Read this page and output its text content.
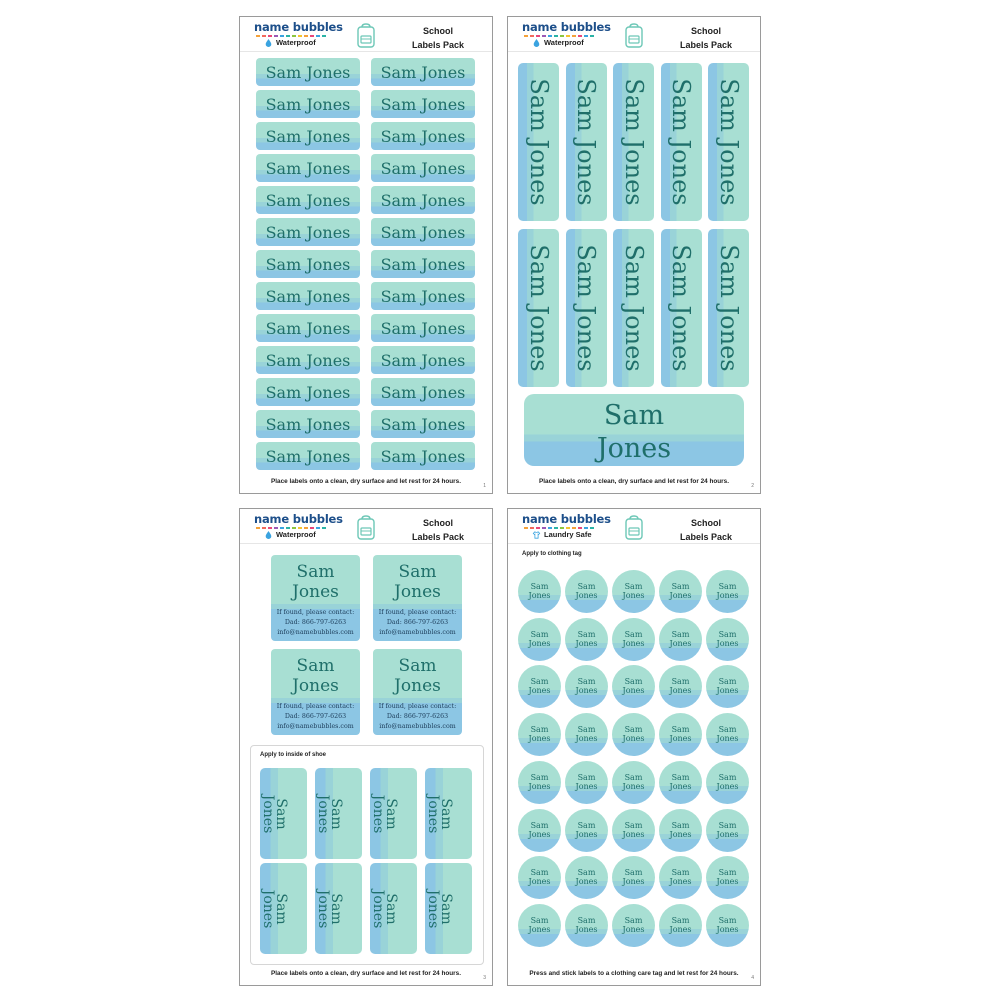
name bubbles
Waterproof
School
Labels Pack
Place labels onto a clean, dry surface and let rest for 24 hours.
1
Sam Jones Sam Jones
Sam Jones Sam Jones
Sam Jones Sam Jones
Sam Jones Sam Jones
Sam Jones Sam Jones
Sam Jones Sam Jones
Sam Jones Sam Jones
Sam Jones Sam Jones
Sam Jones Sam Jones
Sam Jones Sam Jones
Sam Jones Sam Jones
Sam Jones Sam Jones
Sam Jones Sam Jones
name bubbles
Waterproof
School
Labels Pack
Sam
Jones
Place labels onto a clean, dry surface and let rest for 24 hours.
2
Sam Jones Sam Jones Sam Jones Sam Jones Sam Jones
Sam Jones Sam Jones Sam Jones Sam Jones Sam Jones
name bubbles
Waterproof
School
Labels Pack
Apply to inside of shoe
Place labels onto a clean, dry surface and let rest for 24 hours.
3
Sam
Jones
If found, please contact:
Dad: 866-797-6263
info@namebubbles.com
Sam
Jones
If found, please contact:
Dad: 866-797-6263
info@namebubbles.com
Sam
Jones
If found, please contact:
Dad: 866-797-6263
info@namebubbles.com
Sam
Jones
If found, please contact:
Dad: 866-797-6263
info@namebubbles.com
Sam
Jones	Sam
Jones	Sam
Jones	Sam
Jones
Sam
Jones	Sam
Jones	Sam
Jones	Sam
Jones
name bubbles
Laundry Safe
School
Labels Pack
Apply to clothing tag
Press and stick labels to a clothing care tag and let rest for 24 hours.
4
Sam
Jones
Sam
Jones
Sam
Jones
Sam
Jones
Sam
Jones
Sam
Jones
Sam
Jones
Sam
Jones
Sam
Jones
Sam
Jones
Sam
Jones
Sam
Jones
Sam
Jones
Sam
Jones
Sam
Jones
Sam
Jones
Sam
Jones
Sam
Jones
Sam
Jones
Sam
Jones
Sam
Jones
Sam
Jones
Sam
Jones
Sam
Jones
Sam
Jones
Sam
Jones
Sam
Jones
Sam
Jones
Sam
Jones
Sam
Jones
Sam
Jones
Sam
Jones
Sam
Jones
Sam
Jones
Sam
Jones
Sam
Jones
Sam
Jones
Sam
Jones
Sam
Jones
Sam
Jones
